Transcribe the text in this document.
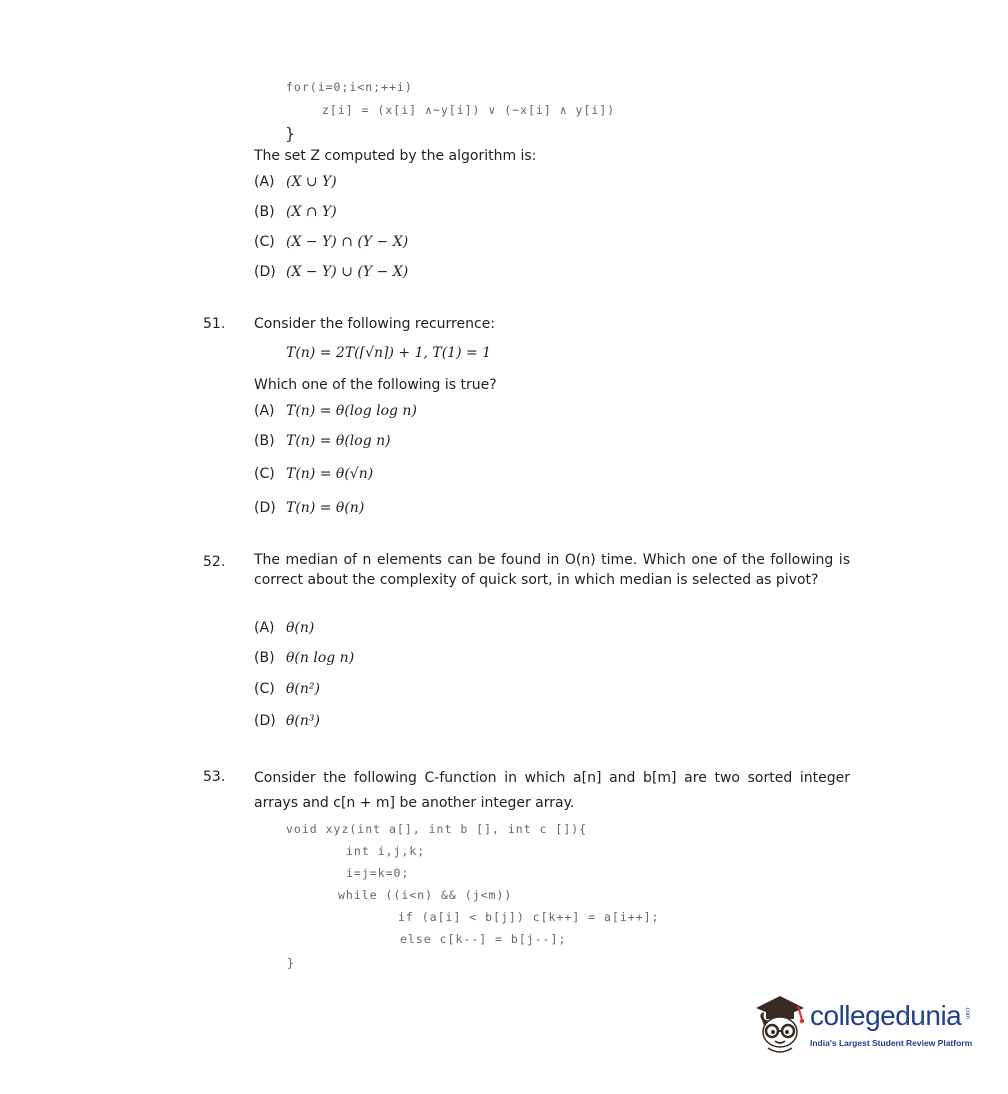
for(i=0;i<n;++i)
z[i] = (x[i] ∧~y[i]) ∨ (~x[i] ∧ y[i])
}
The set Z computed by the algorithm is:
(A) (X ∪ Y)
(B) (X ∩ Y)
(C) (X − Y) ∩ (Y − X)
(D) (X − Y) ∪ (Y − X)
51. Consider the following recurrence:
T(n) = 2T(⌈√n⌉) + 1, T(1) = 1
Which one of the following is true?
(A) T(n) = θ(log log n)
(B) T(n) = θ(log n)
(C) T(n) = θ(√n)
(D) T(n) = θ(n)
52. The median of n elements can be found in O(n) time. Which one of the following is correct about the complexity of quick sort, in which median is selected as pivot?
(A) θ(n)
(B) θ(n log n)
(C) θ(n²)
(D) θ(n³)
53. Consider the following C-function in which a[n] and b[m] are two sorted integer arrays and c[n + m] be another integer array.
void xyz(int a[], int b [], int c []){
int i,j,k;
i=j=k=0;
while ((i<n) && (j<m))
if (a[i] < b[j]) c[k++] = a[i++];
else c[k--] = b[j--];
}
collegedunia .com
India's Largest Student Review Platform
